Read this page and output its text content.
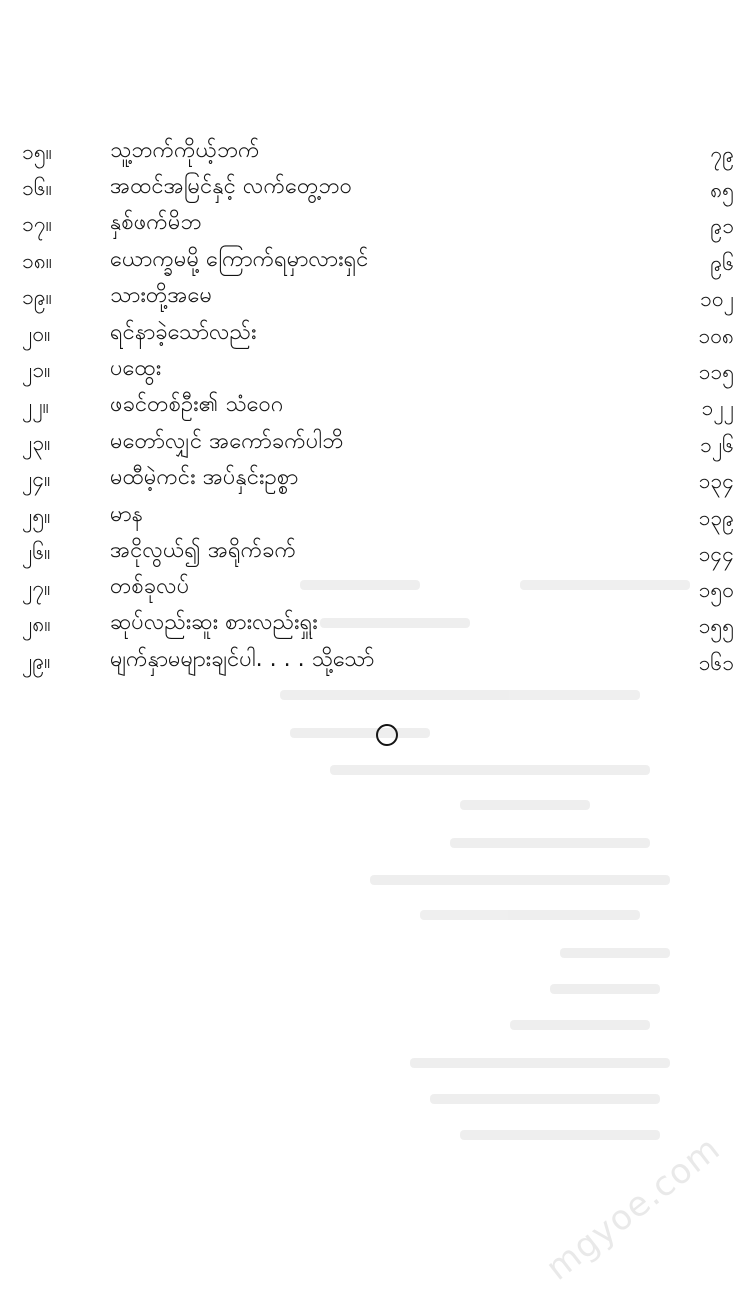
၁၅။	သူ့ဘက်ကိုယ့်ဘက်	၇၉
၁၆။	အထင်အမြင်နှင့် လက်တွေ့ဘဝ	၈၅
၁၇။	နှစ်ဖက်မိဘ	၉၁
၁၈။	ယောက္ခမမို့ ကြောက်ရမှာလားရှင်	၉၆
၁၉။	သားတို့အမေ	၁၀၂
၂၀။	ရင်နာခဲ့သော်လည်း	၁၀၈
၂၁။	ပထွေး	၁၁၅
၂၂။	ဖခင်တစ်ဦး၏ သံဝေဂ	၁၂၂
၂၃။	မတော်လျှင် အကော်ခက်ပါဘိ	၁၂၆
၂၄။	မထီမဲ့ကင်း အပ်နှင်းဥစ္စာ	၁၃၄
၂၅။	မာန	၁၃၉
၂၆။	အငိုလွယ်၍ အရိုက်ခက်	၁၄၄
၂၇။	တစ်ခုလပ်	၁၅၀
၂၈။	ဆုပ်လည်းဆူး စားလည်းရှူး	၁၅၅
၂၉။	မျက်နှာမများချင်ပါ. . . . သို့သော်	၁၆၁
mgyoe.com
